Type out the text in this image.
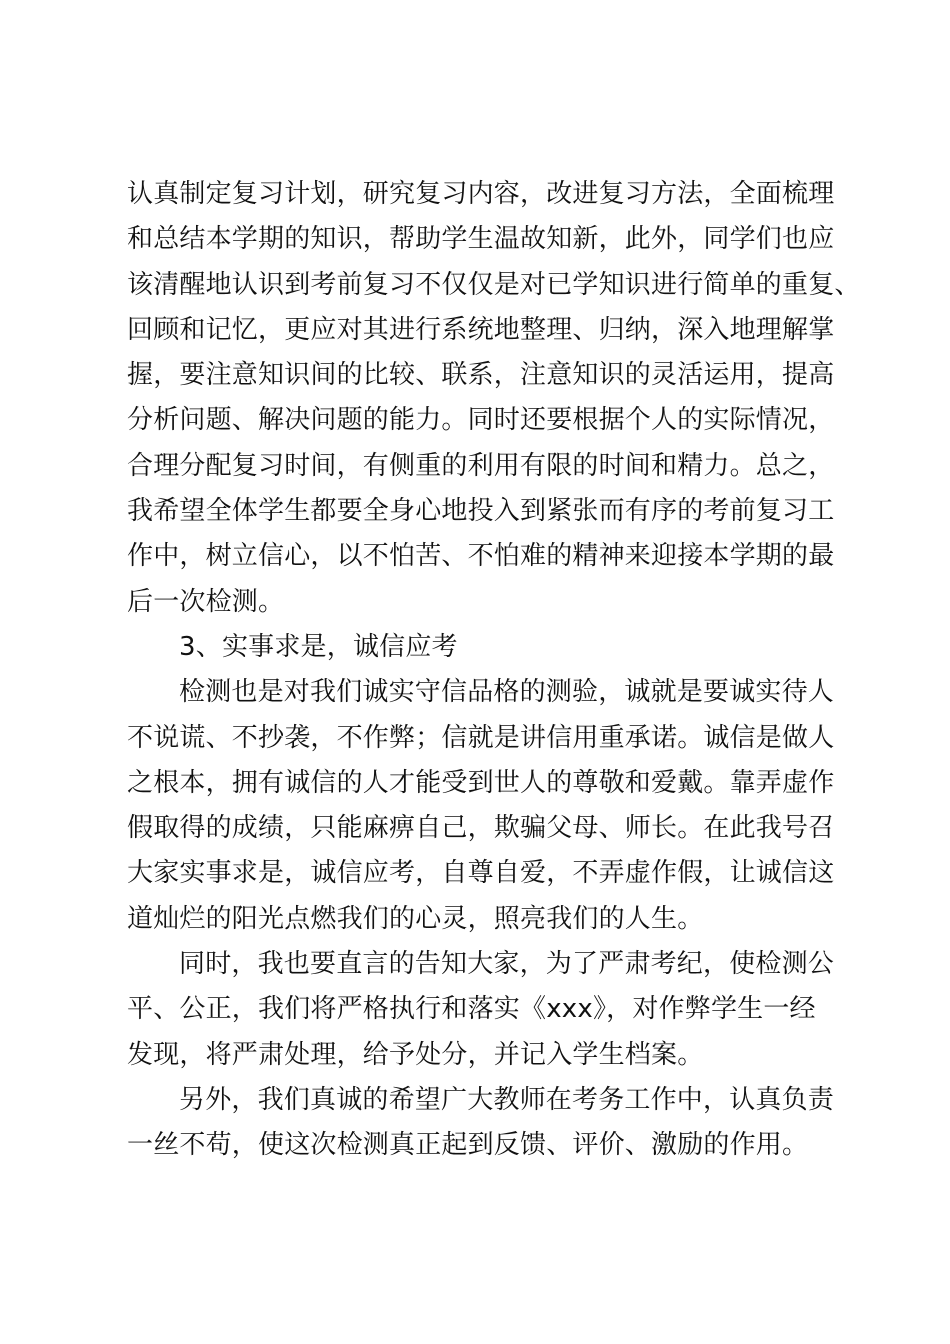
认真制定复习计划，研究复习内容，改进复习方法，全面梳理
和总结本学期的知识，帮助学生温故知新，此外，同学们也应
该清醒地认识到考前复习不仅仅是对已学知识进行简单的重复、
回顾和记忆，更应对其进行系统地整理、归纳，深入地理解掌
握，要注意知识间的比较、联系，注意知识的灵活运用，提高
分析问题、解决问题的能力。同时还要根据个人的实际情况，
合理分配复习时间，有侧重的利用有限的时间和精力。总之，
我希望全体学生都要全身心地投入到紧张而有序的考前复习工
作中，树立信心，以不怕苦、不怕难的精神来迎接本学期的最
后一次检测。
3、实事求是，诚信应考
检测也是对我们诚实守信品格的测验，诚就是要诚实待人
不说谎、不抄袭，不作弊；信就是讲信用重承诺。诚信是做人
之根本，拥有诚信的人才能受到世人的尊敬和爱戴。靠弄虚作
假取得的成绩，只能麻痹自己，欺骗父母、师长。在此我号召
大家实事求是，诚信应考，自尊自爱，不弄虚作假，让诚信这
道灿烂的阳光点燃我们的心灵，照亮我们的人生。
同时，我也要直言的告知大家，为了严肃考纪，使检测公
平、公正，我们将严格执行和落实《xxx》，对作弊学生一经
发现，将严肃处理，给予处分，并记入学生档案。
另外，我们真诚的希望广大教师在考务工作中，认真负责
一丝不苟，使这次检测真正起到反馈、评价、激励的作用。
